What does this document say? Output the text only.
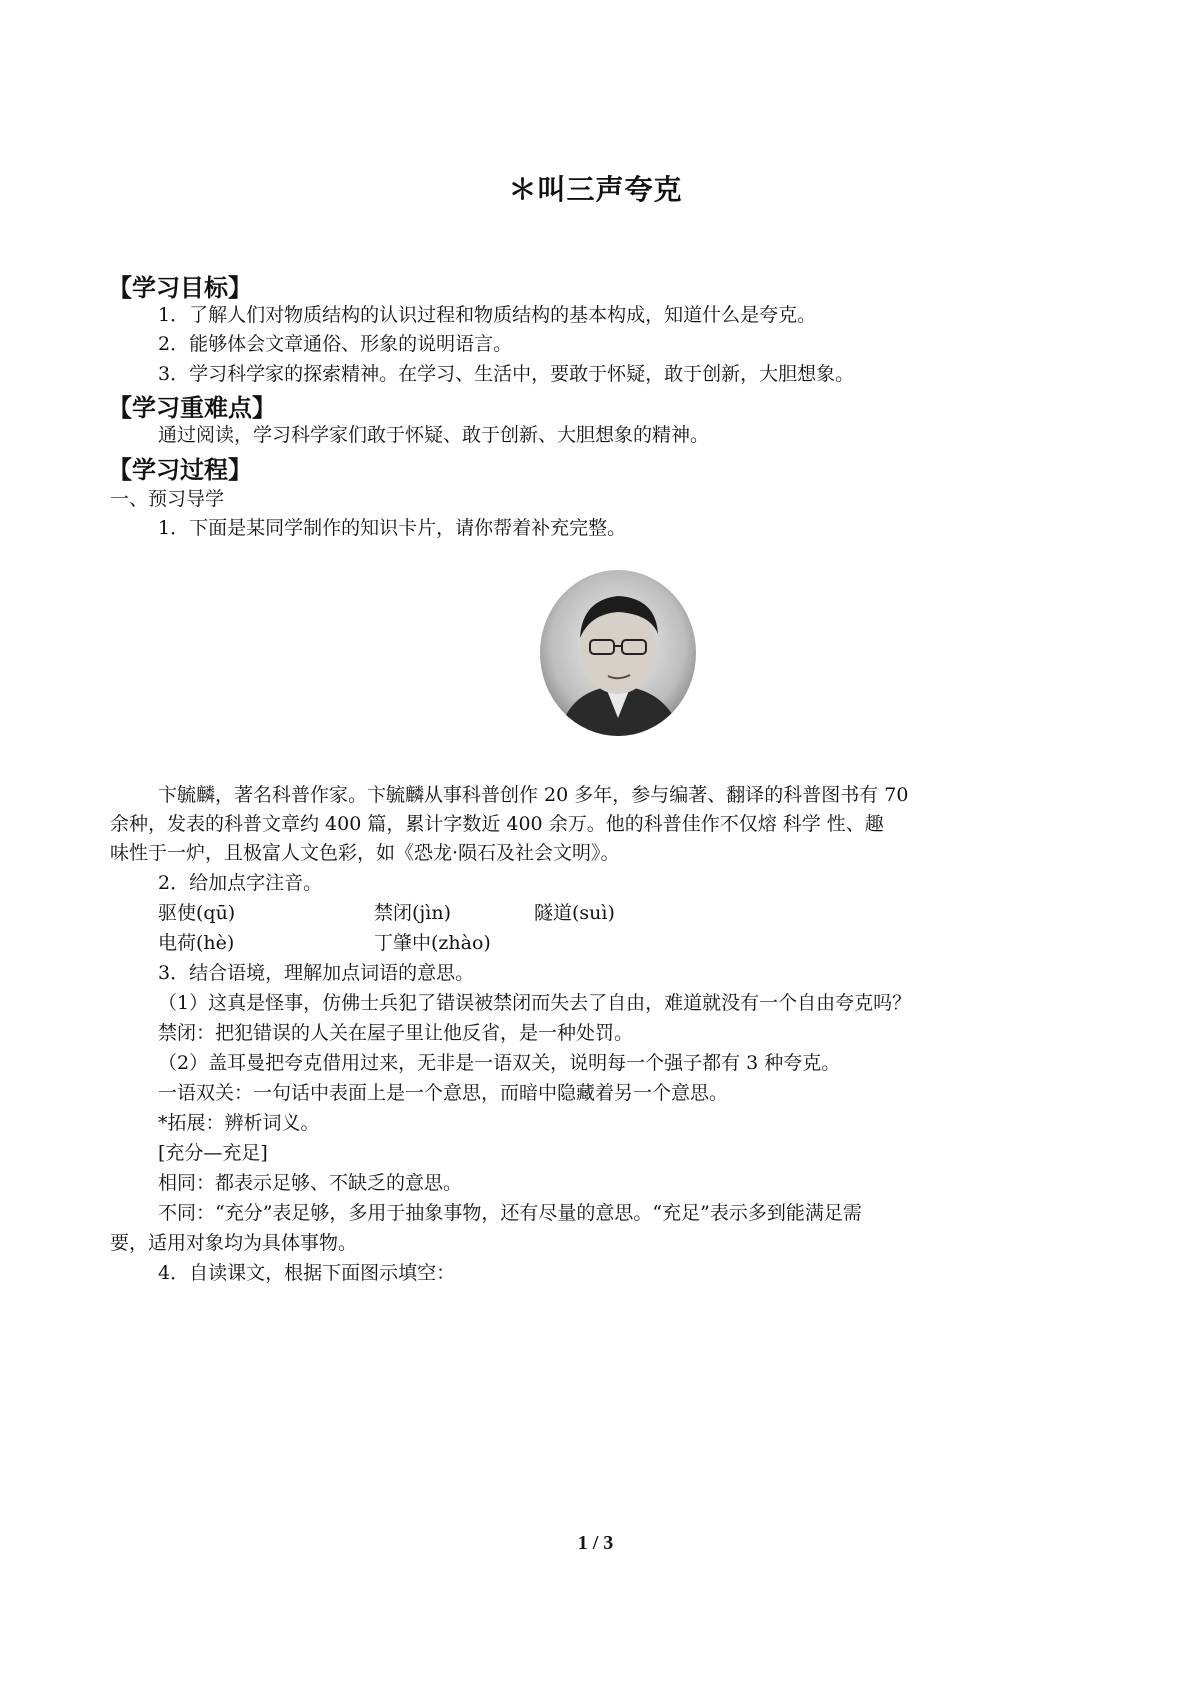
＊叫三声夸克
【学习目标】
1．了解人们对物质结构的认识过程和物质结构的基本构成，知道什么是夸克。
2．能够体会文章通俗、形象的说明语言。
3．学习科学家的探索精神。在学习、生活中，要敢于怀疑，敢于创新，大胆想象。
【学习重难点】
通过阅读，学习科学家们敢于怀疑、敢于创新、大胆想象的精神。
【学习过程】
一、预习导学
1．下面是某同学制作的知识卡片，请你帮着补充完整。
卞毓麟，著名科普作家。卞毓麟从事科普创作 20 多年，参与编著、翻译的科普图书有 70
余种，发表的科普文章约 400 篇，累计字数近 400 余万。他的科普佳作不仅熔 科学 性、趣
味性于一炉，且极富人文色彩，如《恐龙·陨石及社会文明》。
2．给加点字注音。
驱使(qū)	禁闭(jìn)	隧道(suì)
电荷(hè)	丁肇中(zhào)
3．结合语境，理解加点词语的意思。
（1）这真是怪事，仿佛士兵犯了错误被禁闭而失去了自由，难道就没有一个自由夸克吗？
禁闭：把犯错误的人关在屋子里让他反省，是一种处罚。
（2）盖耳曼把夸克借用过来，无非是一语双关，说明每一个强子都有 3 种夸克。
一语双关：一句话中表面上是一个意思，而暗中隐藏着另一个意思。
*拓展：辨析词义。
[充分—充足]
相同：都表示足够、不缺乏的意思。
不同：“充分”表足够，多用于抽象事物，还有尽量的意思。“充足”表示多到能满足需
要，适用对象均为具体事物。
4．自读课文，根据下面图示填空：
1 / 3
